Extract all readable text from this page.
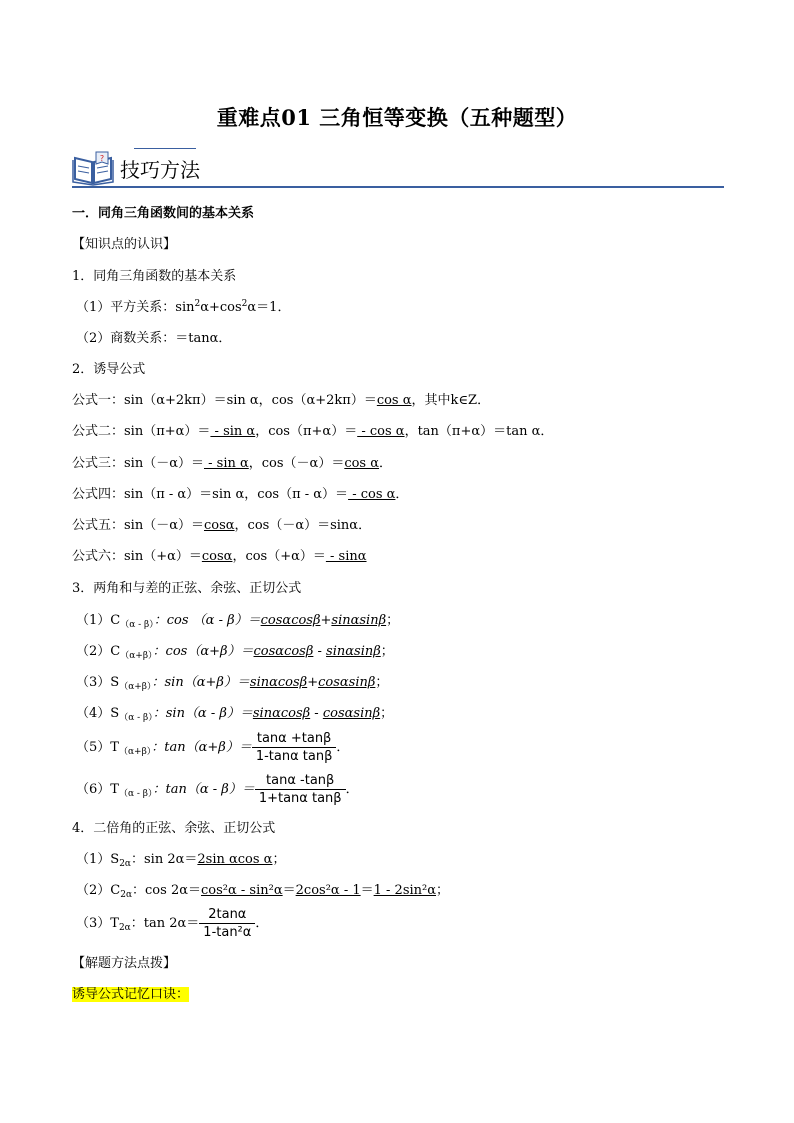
重难点01 三角恒等变换（五种题型）
? 技巧方法
一．同角三角函数间的基本关系
【知识点的认识】
1．同角三角函数的基本关系
（1）平方关系：$\sin^2\alpha+\cos^2\alpha=1$．
（2）商数关系：＝tanα．
2．诱导公式
公式一：sin（α+2kπ）＝sin α，cos（α+2kπ）＝cos α，其中k∈Z．
公式二：sin（π+α）＝ - sin α，cos（π+α）＝ - cos α，tan（π+α）＝tan α．
公式三：sin（－α）＝ - sin α，cos（－α）＝cos α．
公式四：sin（π - α）＝sin α，cos（π - α）＝ - cos α．
公式五：sin（－α）＝cosα，cos（－α）＝sinα．
公式六：sin（+α）＝cosα，cos（+α）＝ - sinα
3．两角和与差的正弦、余弦、正切公式
$(1)C_{(\alpha - \beta)}$：cos （α - β）＝cosαcosβ+sinαsinβ；
$(2)C_{(\alpha+\beta)}$：cos（α+β）＝cosαcosβ - sinαsinβ；
$(3)S_{(\alpha+\beta)}$：sin（α+β）＝sinαcosβ+cosαsinβ；
$(4)S_{(\alpha - \beta)}$：sin（α - β）＝sinαcosβ - cosαsinβ；
$(5)T_{(\alpha+\beta)}$：$\tan(\alpha+\beta)= \frac{\tan\alpha +\tan\beta}{\text{1-tanα tanβ}}$ ．
$(6)T_{(\alpha - \beta)}$：$\tan(\alpha - \beta)= \frac{\tan\alpha -\tan\beta}{\text{1+tanα tanβ}}$ ．
4．二倍角的正弦、余弦、正切公式
$(1)S_{2\alpha}$：sin 2α＝2sin αcos α；
$(2)C_{2\alpha}$：cos 2α＝cos²α - sin²α＝2cos²α - 1＝1 - 2sin²α；
$(3)T_{2\alpha}$：$\tan 2\alpha= \frac{2\tan\alpha}{\text{1-tan²α}}$ ．
【解题方法点拨】
诱导公式记忆口诀：
